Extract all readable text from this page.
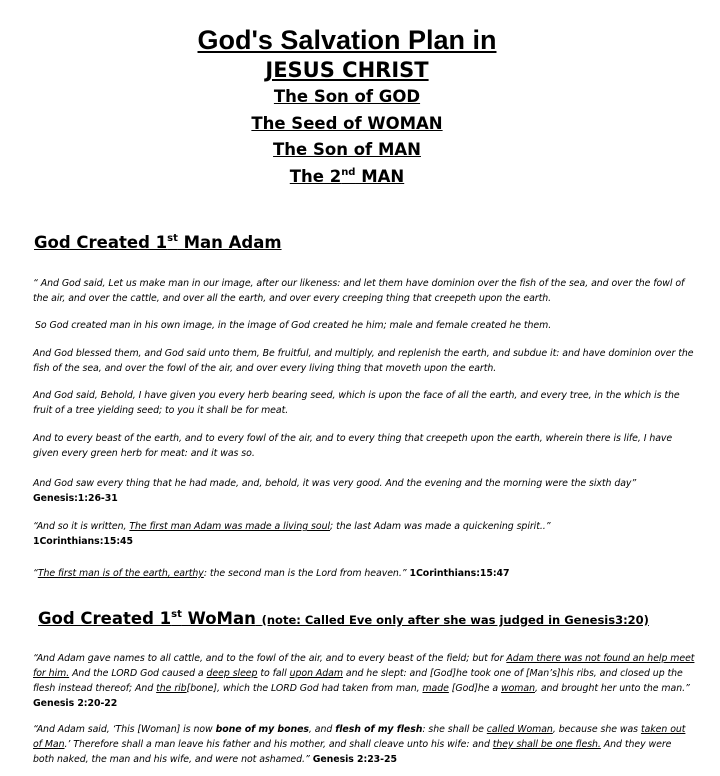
God's Salvation Plan in

JESUS CHRIST

The Son of GOD

The Seed of WOMAN

The Son of MAN

The 2nd MAN

God Created 1st Man Adam

“ And God said, Let us make man in our image, after our likeness: and let them have dominion over the fish of the sea, and over the fowl of the air, and over the cattle, and over all the earth, and over every creeping thing that creepeth upon the earth.

So God created man in his own image, in the image of God created he him; male and female created he them.

And God blessed them, and God said unto them, Be fruitful, and multiply, and replenish the earth, and subdue it: and have dominion over the fish of the sea, and over the fowl of the air, and over every living thing that moveth upon the earth.

And God said, Behold, I have given you every herb bearing seed, which is upon the face of all the earth, and every tree, in the which is the fruit of a tree yielding seed; to you it shall be for meat.

And to every beast of the earth, and to every fowl of the air, and to every thing that creepeth upon the earth, wherein there is life, I have given every green herb for meat: and it was so.

And God saw every thing that he had made, and, behold, it was very good. And the evening and the morning were the sixth day”
Genesis:1:26-31

“And so it is written, The first man Adam was made a living soul; the last Adam was made a quickening spirit..”
1Corinthians:15:45

“The first man is of the earth, earthy: the second man is the Lord from heaven.” 1Corinthians:15:47

God Created 1st WoMan (note: Called Eve only after she was judged in Genesis3:20)

“And Adam gave names to all cattle, and to the fowl of the air, and to every beast of the field; but for Adam there was not found an help meet for him. And the LORD God caused a deep sleep to fall upon Adam and he slept: and [God]he took one of [Man’s]his ribs, and closed up the flesh instead thereof; And the rib[bone], which the LORD God had taken from man, made [God]he a woman, and brought her unto the man.” Genesis 2:20-22

“And Adam said, ‘This [Woman] is now bone of my bones, and flesh of my flesh: she shall be called Woman, because she was taken out of Man.’ Therefore shall a man leave his father and his mother, and shall cleave unto his wife: and they shall be one flesh. And they were both naked, the man and his wife, and were not ashamed.” Genesis 2:23-25
